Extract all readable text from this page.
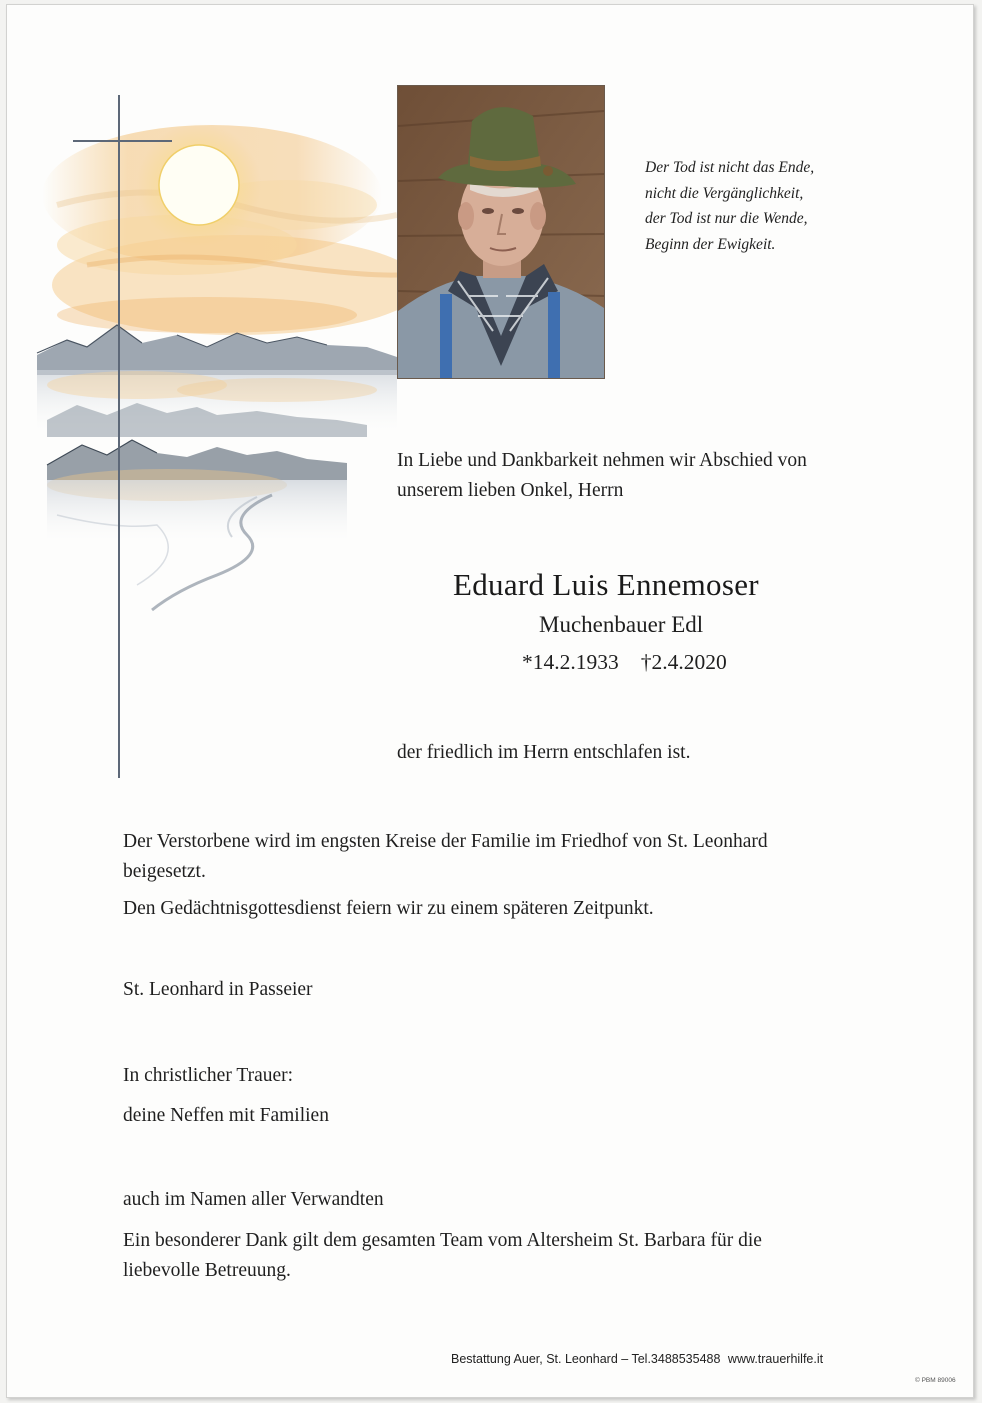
Der Tod ist nicht das Ende,
nicht die Vergänglichkeit,
der Tod ist nur die Wende,
Beginn der Ewigkeit.
In Liebe und Dankbarkeit nehmen wir Abschied von
unserem lieben Onkel, Herrn
Eduard Luis Ennemoser
Muchenbauer Edl
*14.2.1933 †2.4.2020
der friedlich im Herrn entschlafen ist.
Der Verstorbene wird im engsten Kreise der Familie im Friedhof von St. Leonhard
beigesetzt.
Den Gedächtnisgottesdienst feiern wir zu einem späteren Zeitpunkt.
St. Leonhard in Passeier
In christlicher Trauer:
deine Neffen mit Familien
auch im Namen aller Verwandten
Ein besonderer Dank gilt dem gesamten Team vom Altersheim St. Barbara für die
liebevolle Betreuung.
Bestattung Auer, St. Leonhard – Tel.3488535488 www.trauerhilfe.it
© PBM 89006
